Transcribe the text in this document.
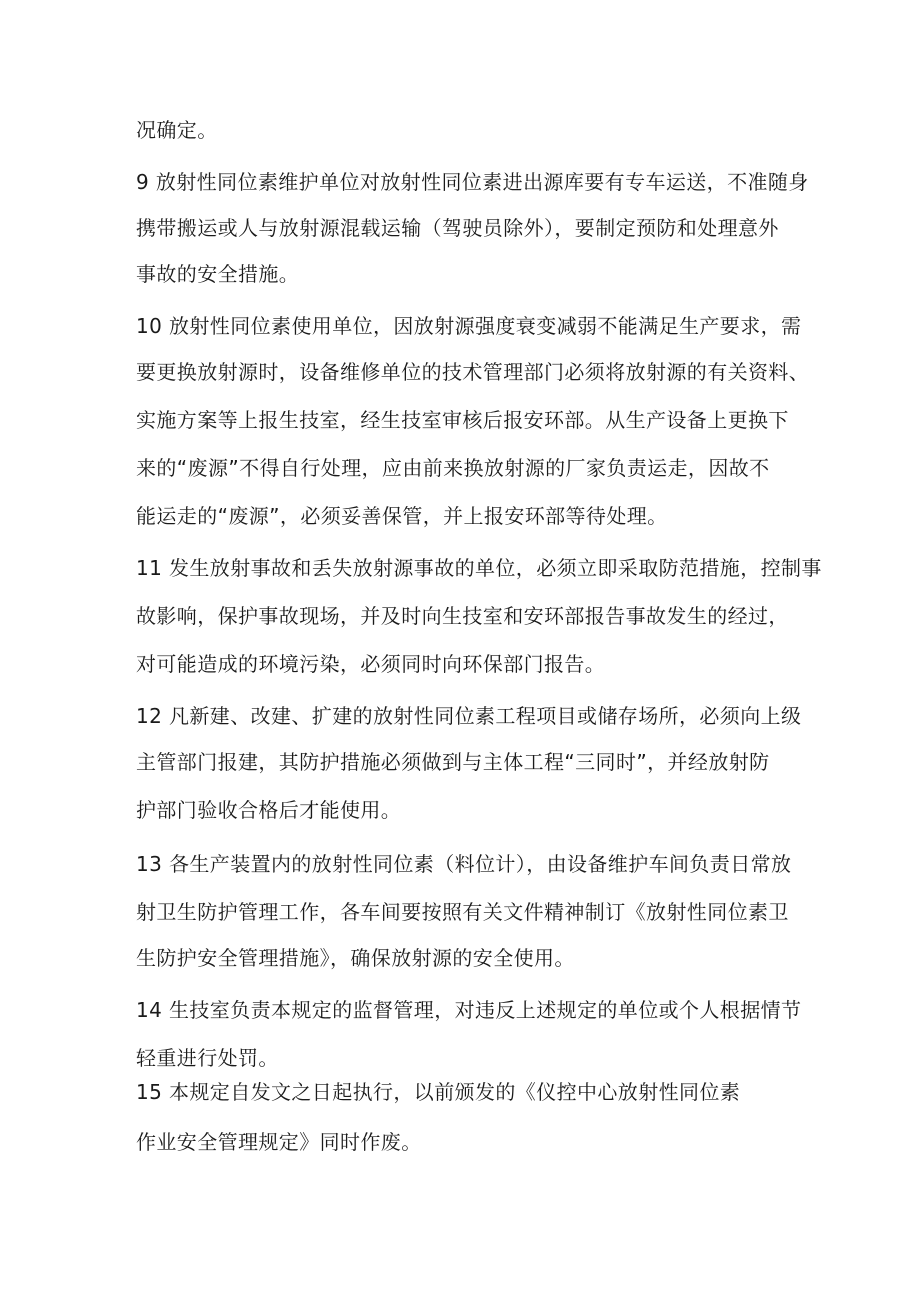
况确定。
9 放射性同位素维护单位对放射性同位素进出源库要有专车运送，不准随身
携带搬运或人与放射源混载运输（驾驶员除外），要制定预防和处理意外
事故的安全措施。
10 放射性同位素使用单位，因放射源强度衰变减弱不能满足生产要求，需
要更换放射源时，设备维修单位的技术管理部门必须将放射源的有关资料、
实施方案等上报生技室，经生技室审核后报安环部。从生产设备上更换下
来的“废源”不得自行处理，应由前来换放射源的厂家负责运走，因故不
能运走的“废源”，必须妥善保管，并上报安环部等待处理。
11 发生放射事故和丢失放射源事故的单位，必须立即采取防范措施，控制事
故影响，保护事故现场，并及时向生技室和安环部报告事故发生的经过，
对可能造成的环境污染，必须同时向环保部门报告。
12 凡新建、改建、扩建的放射性同位素工程项目或储存场所，必须向上级
主管部门报建，其防护措施必须做到与主体工程“三同时”，并经放射防
护部门验收合格后才能使用。
13 各生产装置内的放射性同位素（料位计），由设备维护车间负责日常放
射卫生防护管理工作，各车间要按照有关文件精神制订《放射性同位素卫
生防护安全管理措施》，确保放射源的安全使用。
14 生技室负责本规定的监督管理，对违反上述规定的单位或个人根据情节
轻重进行处罚。
15 本规定自发文之日起执行，以前颁发的《仪控中心放射性同位素
作业安全管理规定》同时作废。
